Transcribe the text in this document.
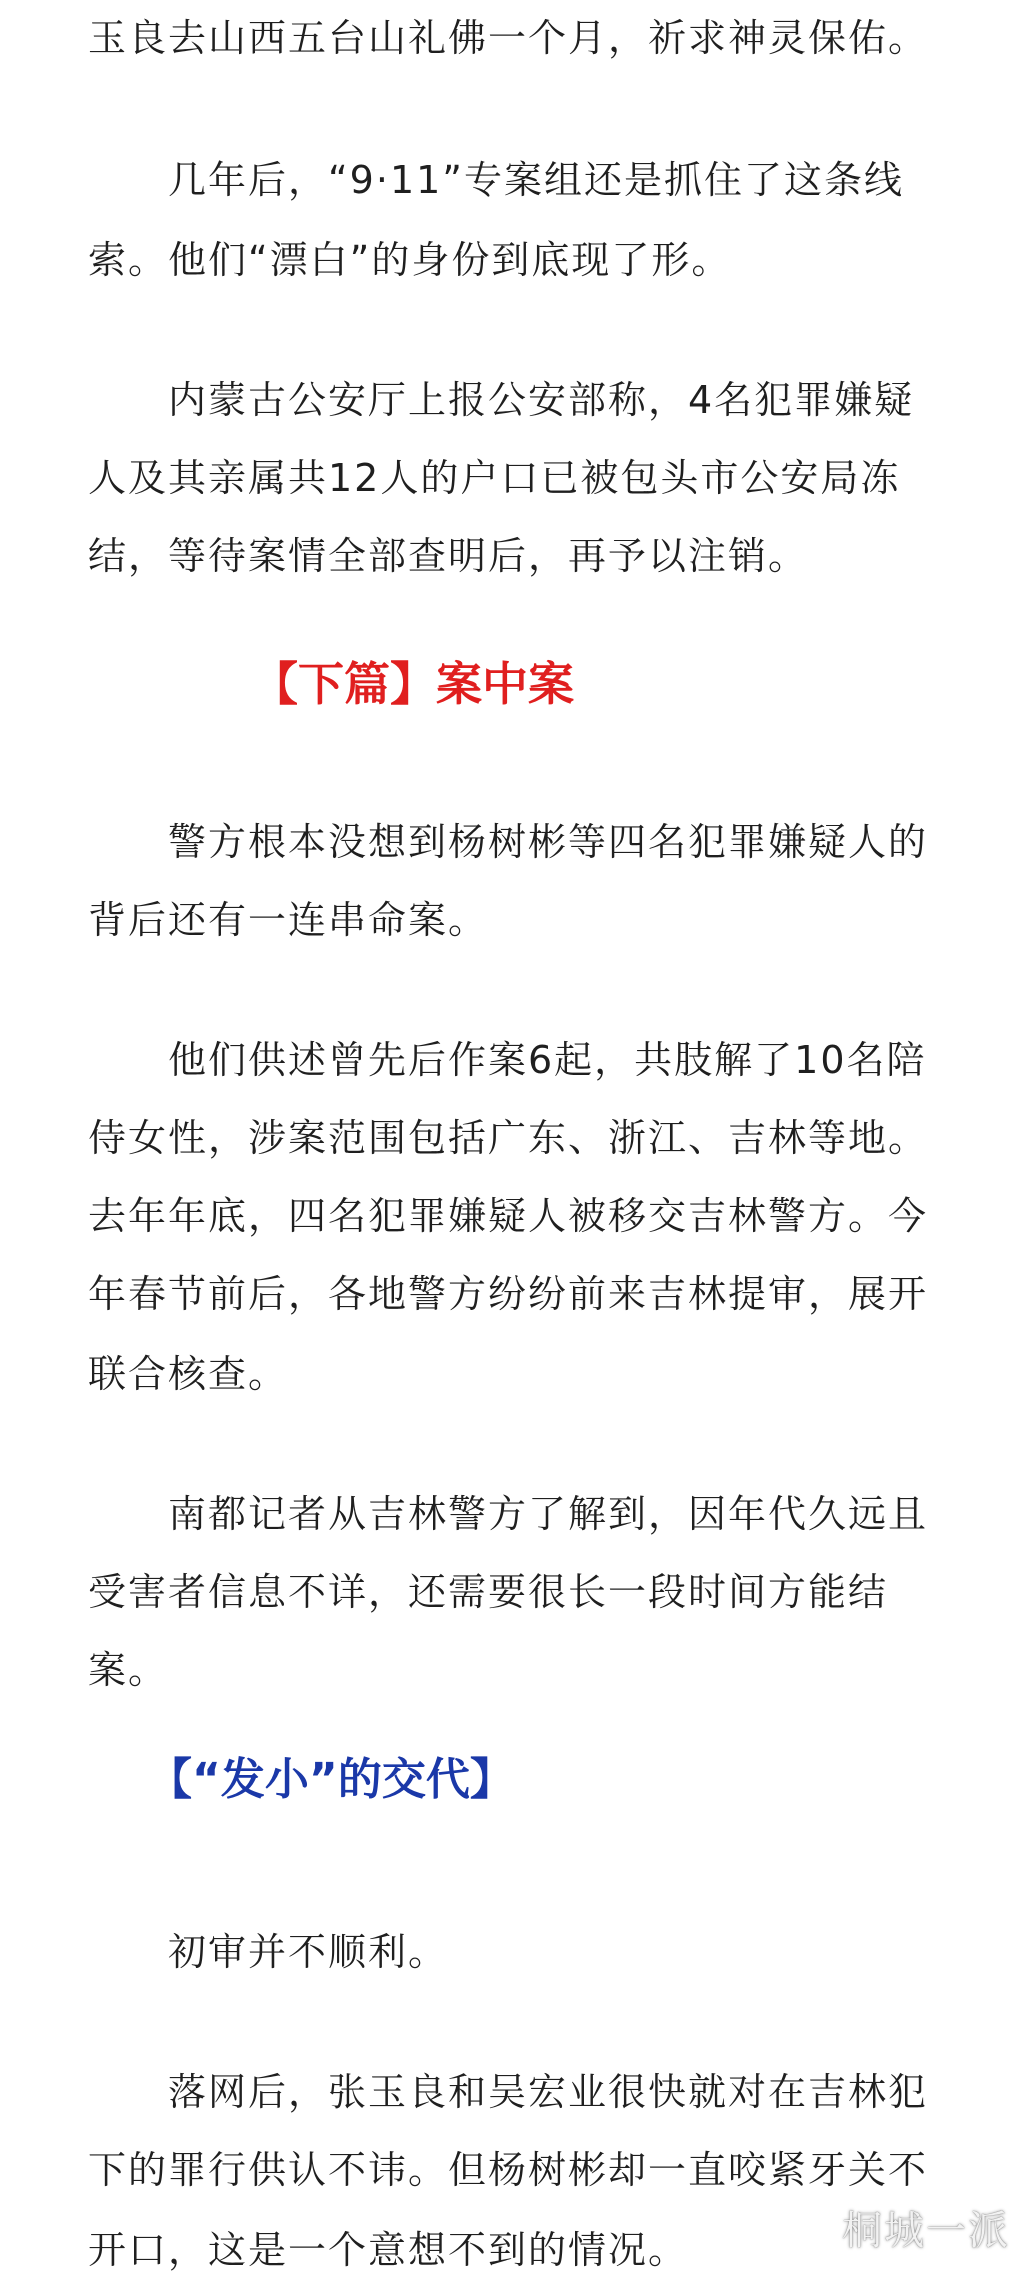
玉良去山西五台山礼佛一个月，祈求神灵保佑。
几年后，“9·11”专案组还是抓住了这条线
索。他们“漂白”的身份到底现了形。
内蒙古公安厅上报公安部称，4名犯罪嫌疑
人及其亲属共12人的户口已被包头市公安局冻
结，等待案情全部查明后，再予以注销。
警方根本没想到杨树彬等四名犯罪嫌疑人的
背后还有一连串命案。
他们供述曾先后作案6起，共肢解了10名陪
侍女性，涉案范围包括广东、浙江、吉林等地。
去年年底，四名犯罪嫌疑人被移交吉林警方。今
年春节前后，各地警方纷纷前来吉林提审，展开
联合核查。
南都记者从吉林警方了解到，因年代久远且
受害者信息不详，还需要很长一段时间方能结
案。
初审并不顺利。
落网后，张玉良和吴宏业很快就对在吉林犯
下的罪行供认不讳。但杨树彬却一直咬紧牙关不
开口，这是一个意想不到的情况。
【下篇】案中案
【“发小”的交代】
桐城一派
